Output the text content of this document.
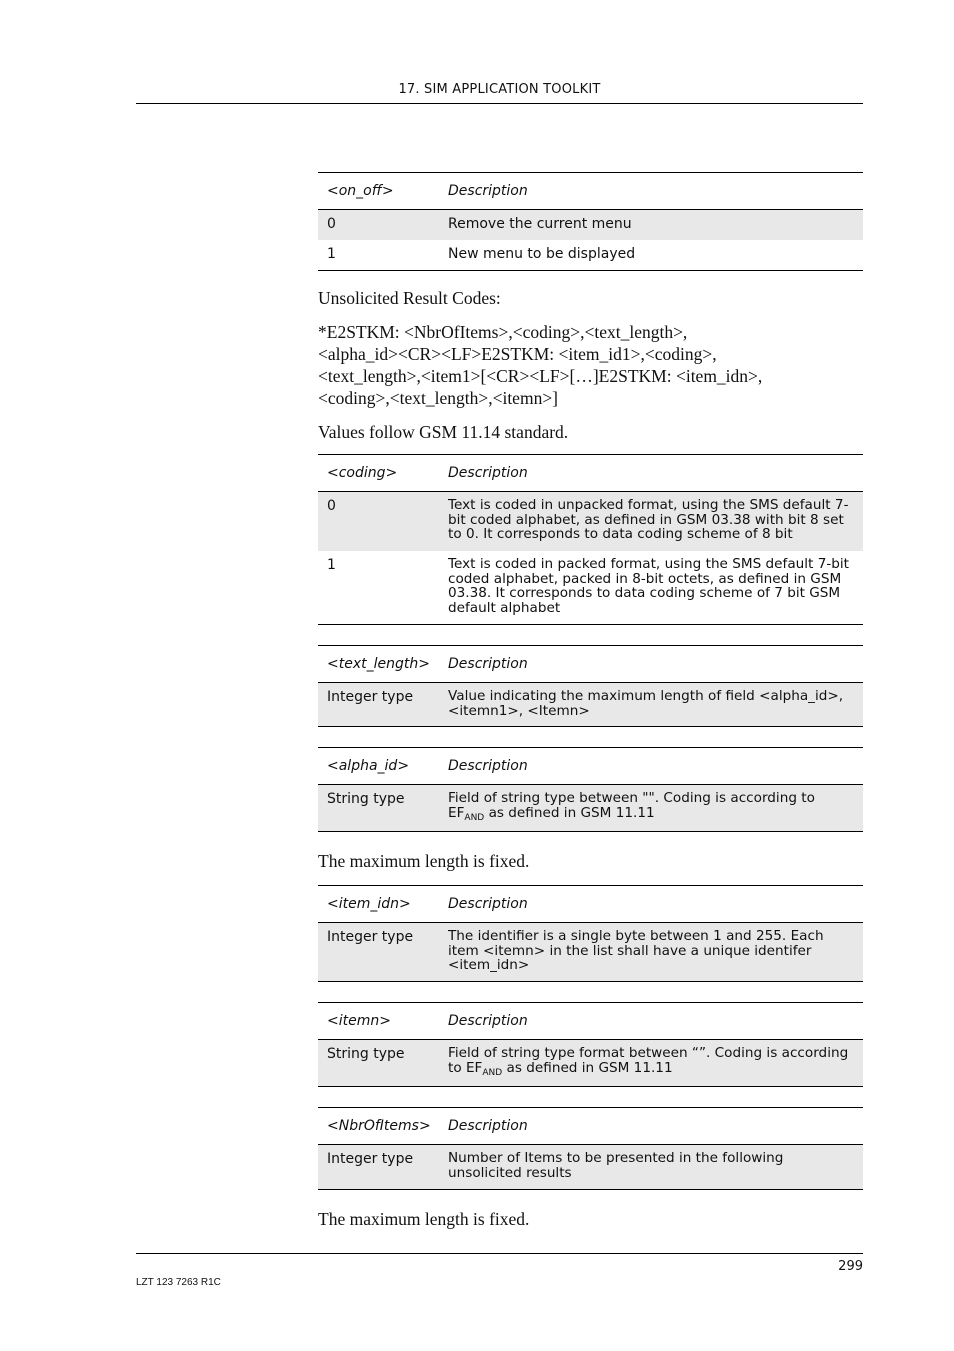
17. SIM APPLICATION TOOLKIT
<on_off>	Description
0	Remove the current menu
1	New menu to be displayed
Unsolicited Result Codes:
*E2STKM: <NbrOfItems>,<coding>,<text_length>,
<alpha_id><CR><LF>E2STKM: <item_id1>,<coding>,
<text_length>,<item1>[<CR><LF>[…]E2STKM: <item_idn>,
<coding>,<text_length>,<itemn>]
Values follow GSM 11.14 standard.
<coding>	Description
0	Text is coded in unpacked format, using the SMS default 7-bit coded alphabet, as defined in GSM 03.38 with bit 8 set to 0. It corresponds to data coding scheme of 8 bit
1	Text is coded in packed format, using the SMS default 7-bit coded alphabet, packed in 8-bit octets, as defined in GSM 03.38. It corresponds to data coding scheme of 7 bit GSM default alphabet
<text_length>	Description
Integer type	Value indicating the maximum length of field <alpha_id>, <itemn1>, <Itemn>
<alpha_id>	Description
String type	Field of string type between "". Coding is according to $EF_{AND}$ as defined in GSM 11.11
The maximum length is fixed.
<item_idn>	Description
Integer type	The identifier is a single byte between 1 and 255. Each item <itemn> in the list shall have a unique identifer <item_idn>
<itemn>	Description
String type	Field of string type format between “”. Coding is according to $EF_{AND}$ as defined in GSM 11.11
<NbrOfItems>	Description
Integer type	Number of Items to be presented in the following unsolicited results
The maximum length is fixed.
299
LZT 123 7263 R1C
